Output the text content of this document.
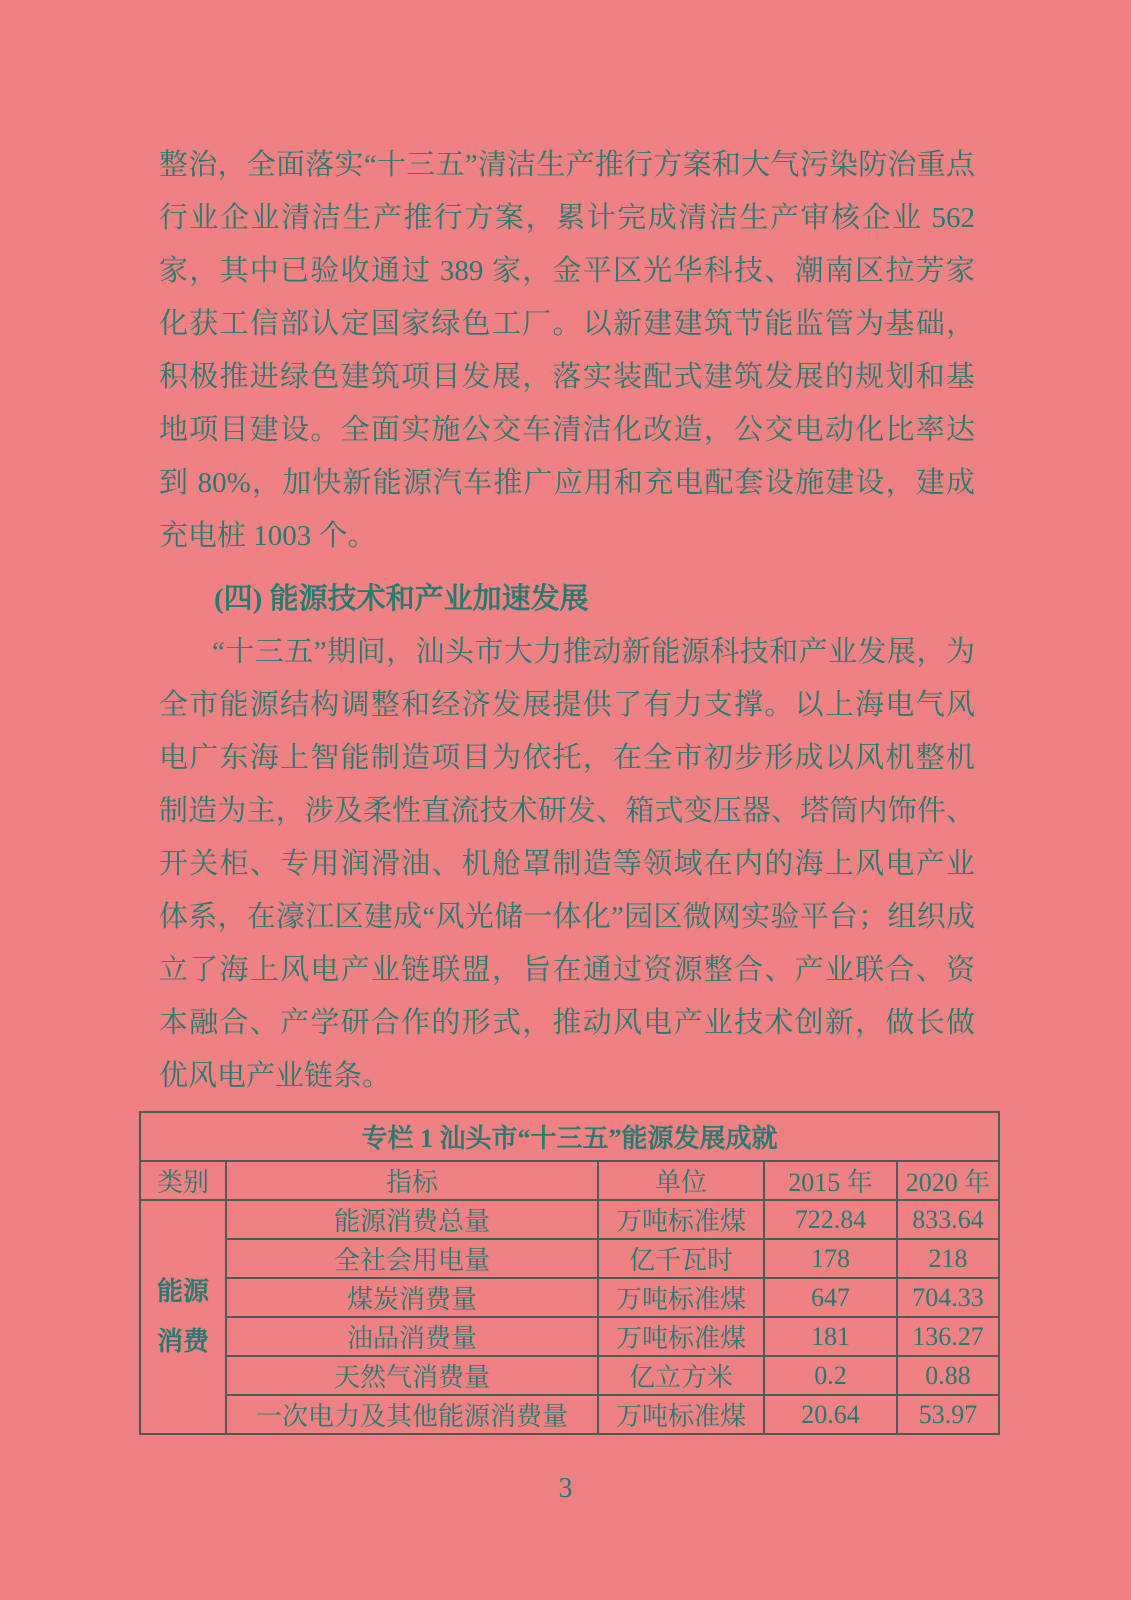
整治，全面落实“十三五”清洁生产推行方案和大气污染防治重点
行业企业清洁生产推行方案，累计完成清洁生产审核企业 562
家，其中已验收通过 389 家，金平区光华科技、潮南区拉芳家
化获工信部认定国家绿色工厂。以新建建筑节能监管为基础，
积极推进绿色建筑项目发展，落实装配式建筑发展的规划和基
地项目建设。全面实施公交车清洁化改造，公交电动化比率达
到 80%，加快新能源汽车推广应用和充电配套设施建设，建成
充电桩 1003 个。
(四) 能源技术和产业加速发展
“十三五”期间，汕头市大力推动新能源科技和产业发展，为
全市能源结构调整和经济发展提供了有力支撑。以上海电气风
电广东海上智能制造项目为依托，在全市初步形成以风机整机
制造为主，涉及柔性直流技术研发、箱式变压器、塔筒内饰件、
开关柜、专用润滑油、机舱罩制造等领域在内的海上风电产业
体系，在濠江区建成“风光储一体化”园区微网实验平台；组织成
立了海上风电产业链联盟，旨在通过资源整合、产业联合、资
本融合、产学研合作的形式，推动风电产业技术创新，做长做
优风电产业链条。
专栏 1 汕头市“十三五”能源发展成就				
类别	指标	单位	2015 年	2020 年

能源
消费	能源消费总量	万吨标准煤	722.84	833.64
	全社会用电量	亿千瓦时	178	218
	煤炭消费量	万吨标准煤	647	704.33
	油品消费量	万吨标准煤	181	136.27
	天然气消费量	亿立方米	0.2	0.88
	一次电力及其他能源消费量	万吨标准煤	20.64	53.97
3
